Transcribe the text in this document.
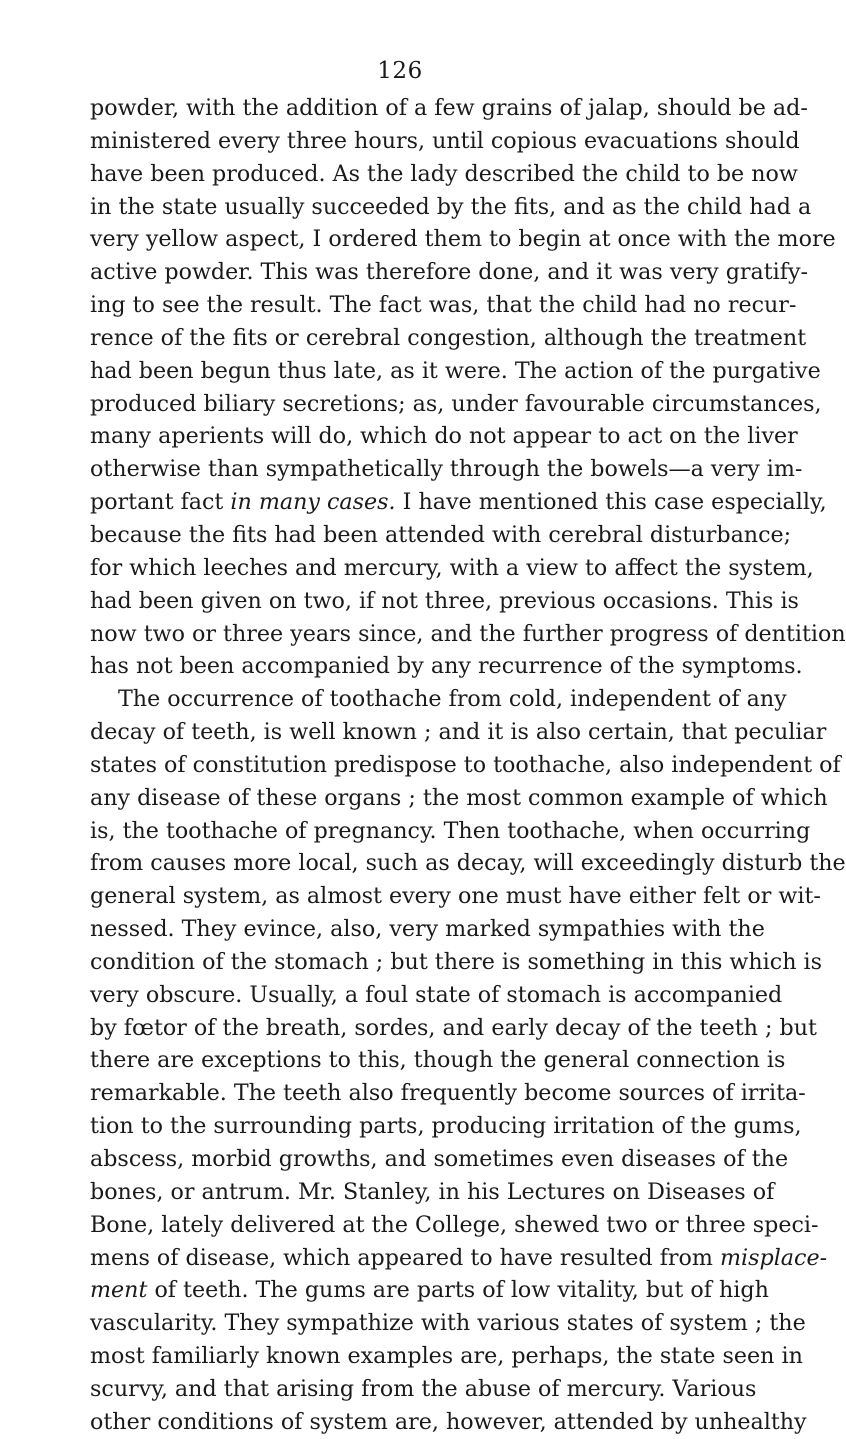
126
powder, with the addition of a few grains of jalap, should be ad-
ministered every three hours, until copious evacuations should
have been produced. As the lady described the child to be now
in the state usually succeeded by the fits, and as the child had a
very yellow aspect, I ordered them to begin at once with the more
active powder. This was therefore done, and it was very gratify-
ing to see the result. The fact was, that the child had no recur-
rence of the fits or cerebral congestion, although the treatment
had been begun thus late, as it were. The action of the purgative
produced biliary secretions; as, under favourable circumstances,
many aperients will do, which do not appear to act on the liver
otherwise than sympathetically through the bowels—a very im-
portant fact in many cases. I have mentioned this case especially,
because the fits had been attended with cerebral disturbance;
for which leeches and mercury, with a view to affect the system,
had been given on two, if not three, previous occasions. This is
now two or three years since, and the further progress of dentition
has not been accompanied by any recurrence of the symptoms.
The occurrence of toothache from cold, independent of any
decay of teeth, is well known ; and it is also certain, that peculiar
states of constitution predispose to toothache, also independent of
any disease of these organs ; the most common example of which
is, the toothache of pregnancy. Then toothache, when occurring
from causes more local, such as decay, will exceedingly disturb the
general system, as almost every one must have either felt or wit-
nessed. They evince, also, very marked sympathies with the
condition of the stomach ; but there is something in this which is
very obscure. Usually, a foul state of stomach is accompanied
by fœtor of the breath, sordes, and early decay of the teeth ; but
there are exceptions to this, though the general connection is
remarkable. The teeth also frequently become sources of irrita-
tion to the surrounding parts, producing irritation of the gums,
abscess, morbid growths, and sometimes even diseases of the
bones, or antrum. Mr. Stanley, in his Lectures on Diseases of
Bone, lately delivered at the College, shewed two or three speci-
mens of disease, which appeared to have resulted from misplace-
ment of teeth. The gums are parts of low vitality, but of high
vascularity. They sympathize with various states of system ; the
most familiarly known examples are, perhaps, the state seen in
scurvy, and that arising from the abuse of mercury. Various
other conditions of system are, however, attended by unhealthy
